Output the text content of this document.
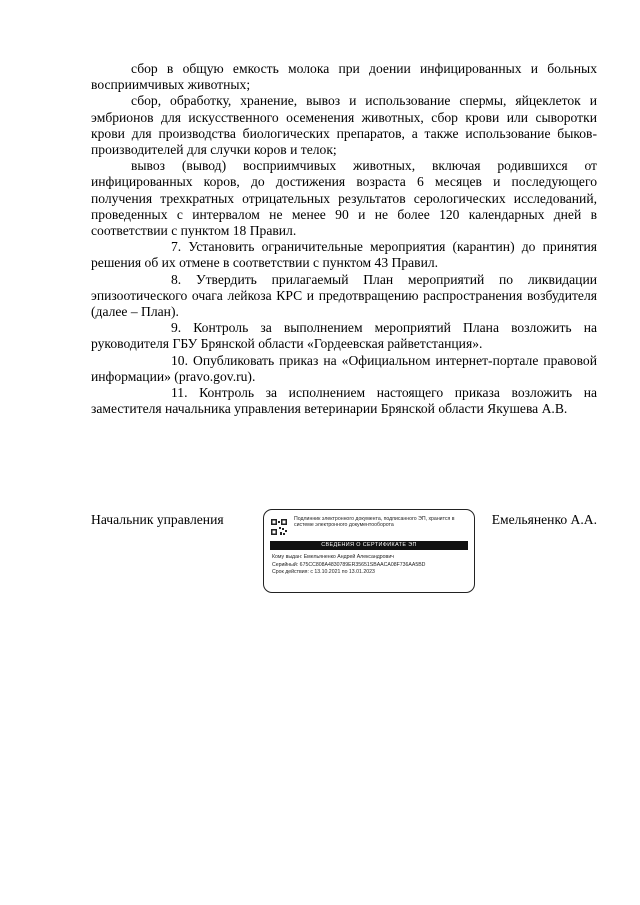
сбор в общую емкость молока при доении инфицированных и больных восприимчивых животных;

сбор, обработку, хранение, вывоз и использование спермы, яйцеклеток и эмбрионов для искусственного осеменения животных, сбор крови или сыворотки крови для производства биологических препаратов, а также использование быков-производителей для случки коров и телок;

вывоз (вывод) восприимчивых животных, включая родившихся от инфицированных коров, до достижения возраста 6 месяцев и последующего получения трехкратных отрицательных результатов серологических исследований, проведенных с интервалом не менее 90 и не более 120 календарных дней в соответствии с пунктом 18 Правил.

7. Установить ограничительные мероприятия (карантин) до принятия решения об их отмене в соответствии с пунктом 43 Правил.

8. Утвердить прилагаемый План мероприятий по ликвидации эпизоотического очага лейкоза КРС и предотвращению распространения возбудителя (далее – План).

9. Контроль за выполнением мероприятий Плана возложить на руководителя ГБУ Брянской области «Гордеевская райветстанция».

10. Опубликовать приказ на «Официальном интернет-портале правовой информации» (pravo.gov.ru).

11. Контроль за исполнением настоящего приказа возложить на заместителя начальника управления ветеринарии Брянской области Якушева А.В.

Начальник управления	Подлинник электронного документа, подписанного ЭП, хранится в системе электронного документооборота
СВЕДЕНИЯ О СЕРТИФИКАТЕ ЭП
Кому выдан: Емельяненко Андрей Александрович
Серийный: 675CC808A4830789ER35651SBAACA08F736AA5BD
Срок действия: с 13.10.2021 по 13.01.2023
Емельяненко А.А.
